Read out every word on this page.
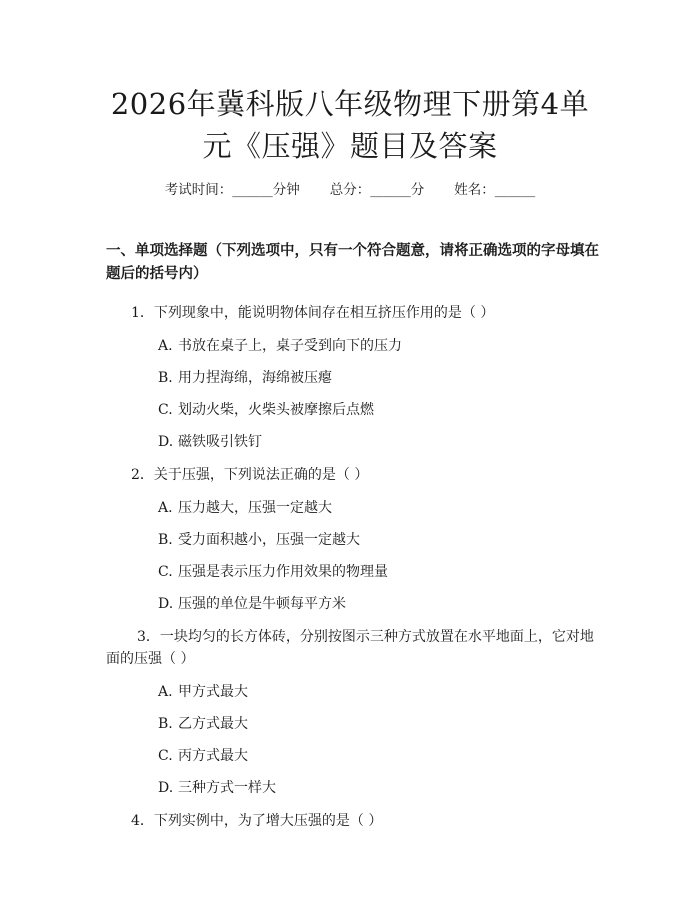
2026年冀科版八年级物理下册第4单元《压强》题目及答案
考试时间：______分钟 总分：______分 姓名：______
一、单项选择题（下列选项中，只有一个符合题意，请将正确选项的字母填在题后的括号内）
1．下列现象中，能说明物体间存在相互挤压作用的是（ ）
A. 书放在桌子上，桌子受到向下的压力
B. 用力捏海绵，海绵被压瘪
C. 划动火柴，火柴头被摩擦后点燃
D. 磁铁吸引铁钉
2．关于压强，下列说法正确的是（ ）
A. 压力越大，压强一定越大
B. 受力面积越小，压强一定越大
C. 压强是表示压力作用效果的物理量
D. 压强的单位是牛顿每平方米
3．一块均匀的长方体砖，分别按图示三种方式放置在水平地面上，它对地面的压强（ ）
A. 甲方式最大
B. 乙方式最大
C. 丙方式最大
D. 三种方式一样大
4．下列实例中，为了增大压强的是（ ）
